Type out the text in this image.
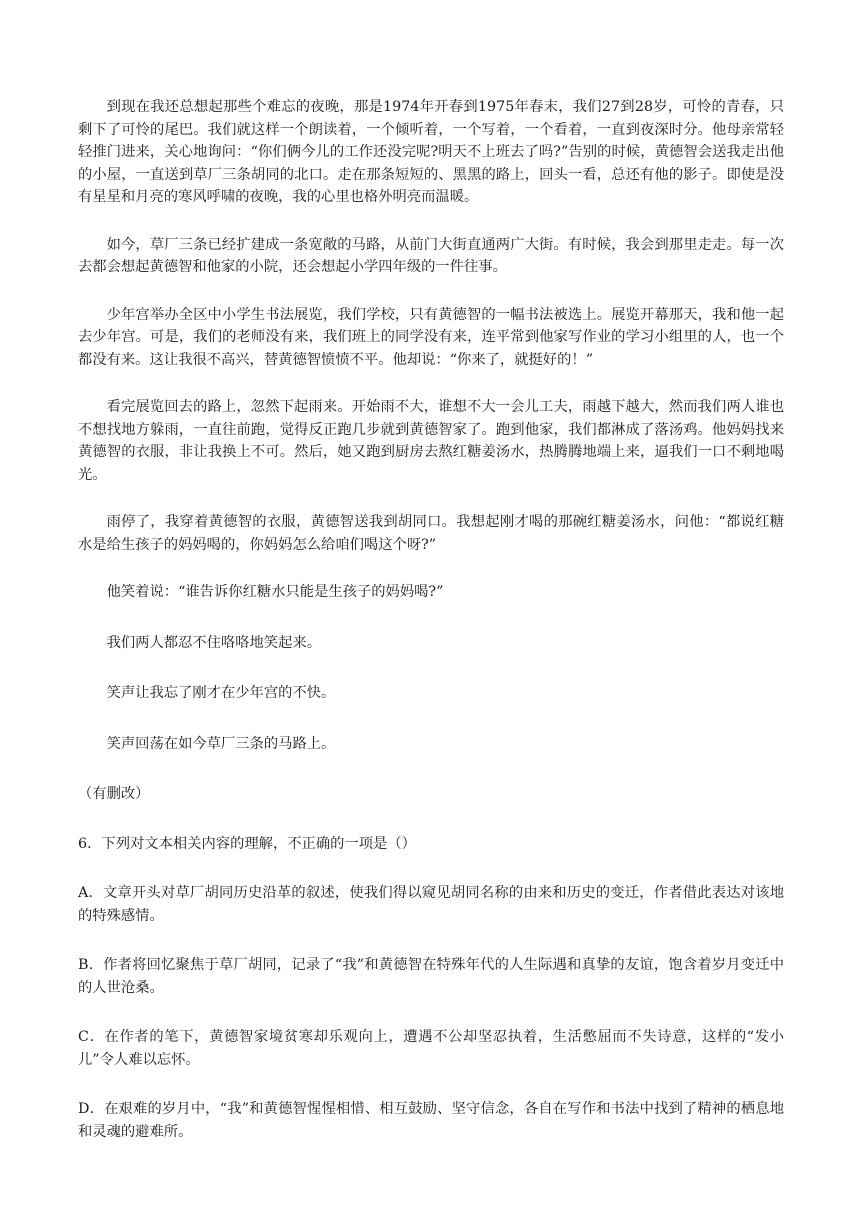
到现在我还总想起那些个难忘的夜晚，那是1974年开春到1975年春末，我们27到28岁，可怜的青春，只剩下了可怜的尾巴。我们就这样一个朗读着，一个倾听着，一个写着，一个看着，一直到夜深时分。他母亲常轻轻推门进来，关心地询问：“你们俩今儿的工作还没完呢?明天不上班去了吗?”告别的时候，黄德智会送我走出他的小屋，一直送到草厂三条胡同的北口。走在那条短短的、黑黑的路上，回头一看，总还有他的影子。即使是没有星星和月亮的寒风呼啸的夜晚，我的心里也格外明亮而温暖。

如今，草厂三条已经扩建成一条宽敞的马路，从前门大街直通两广大街。有时候，我会到那里走走。每一次去都会想起黄德智和他家的小院，还会想起小学四年级的一件往事。

少年宫举办全区中小学生书法展览，我们学校，只有黄德智的一幅书法被选上。展览开幕那天，我和他一起去少年宫。可是，我们的老师没有来，我们班上的同学没有来，连平常到他家写作业的学习小组里的人，也一个都没有来。这让我很不高兴，替黄德智愤愤不平。他却说：“你来了，就挺好的！”

看完展览回去的路上，忽然下起雨来。开始雨不大，谁想不大一会儿工夫，雨越下越大，然而我们两人谁也不想找地方躲雨，一直往前跑，觉得反正跑几步就到黄德智家了。跑到他家，我们都淋成了落汤鸡。他妈妈找来黄德智的衣服，非让我换上不可。然后，她又跑到厨房去熬红糖姜汤水，热腾腾地端上来，逼我们一口不剩地喝光。

雨停了，我穿着黄德智的衣服，黄德智送我到胡同口。我想起刚才喝的那碗红糖姜汤水，问他：“都说红糖水是给生孩子的妈妈喝的，你妈妈怎么给咱们喝这个呀?”

他笑着说：“谁告诉你红糖水只能是生孩子的妈妈喝?”

我们两人都忍不住咯咯地笑起来。

笑声让我忘了刚才在少年宫的不快。

笑声回荡在如今草厂三条的马路上。

（有删改）

6．下列对文本相关内容的理解，不正确的一项是（）

A．文章开头对草厂胡同历史沿革的叙述，使我们得以窥见胡同名称的由来和历史的变迁，作者借此表达对该地的特殊感情。

B．作者将回忆聚焦于草厂胡同，记录了“我”和黄德智在特殊年代的人生际遇和真挚的友谊，饱含着岁月变迁中的人世沧桑。

C．在作者的笔下，黄德智家境贫寒却乐观向上，遭遇不公却坚忍执着，生活憋屈而不失诗意，这样的“发小儿”令人难以忘怀。

D．在艰难的岁月中，“我”和黄德智惺惺相惜、相互鼓励、坚守信念，各自在写作和书法中找到了精神的栖息地和灵魂的避难所。
